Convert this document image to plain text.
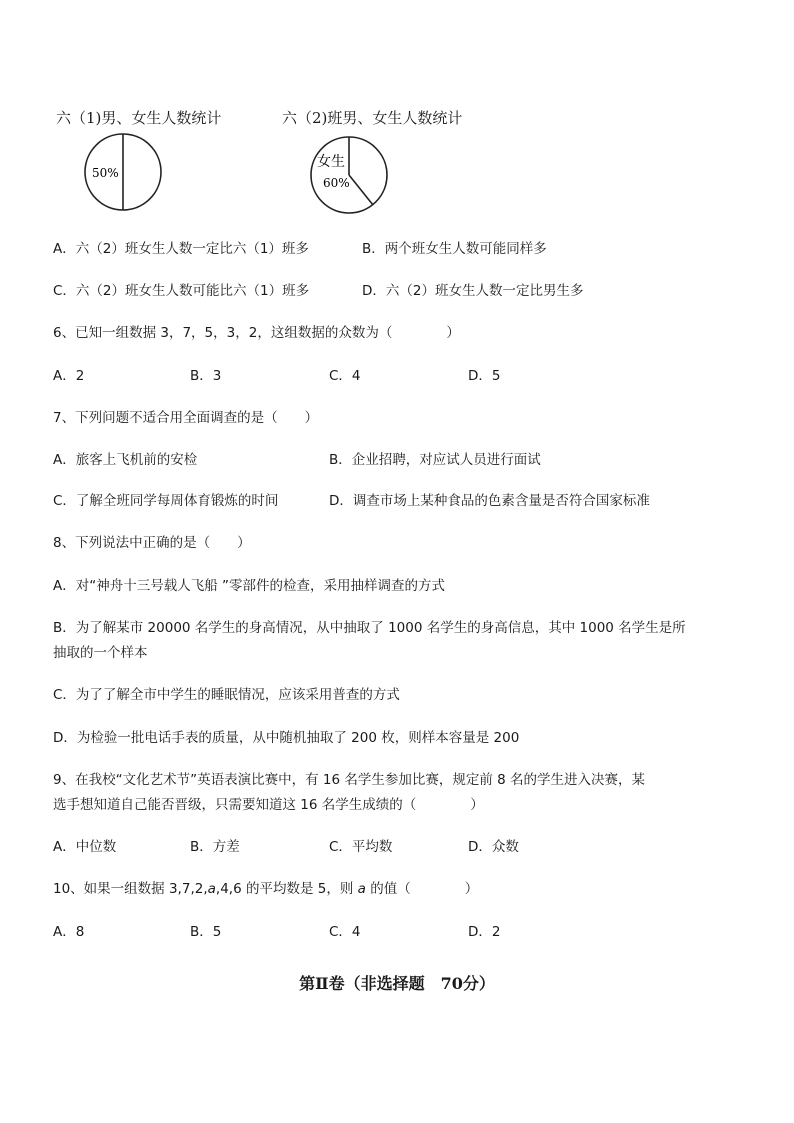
六（1)男、女生人数统计
50%
六（2)班男、女生人数统计
女生
60%
A．六（2）班女生人数一定比六（1）班多	B．两个班女生人数可能同样多
C．六（2）班女生人数可能比六（1）班多	D．六（2）班女生人数一定比男生多
6、已知一组数据 3，7，5，3，2，这组数据的众数为（　　　　）
A．2	B．3	C．4	D．5
7、下列问题不适合用全面调查的是（　　）
A．旅客上飞机前的安检	B．企业招聘，对应试人员进行面试
C．了解全班同学每周体育锻炼的时间	D．调查市场上某种食品的色素含量是否符合国家标准
8、下列说法中正确的是（　　）
A．对“神舟十三号载人飞船 ”零部件的检查，采用抽样调查的方式
B．为了解某市 20000 名学生的身高情况，从中抽取了 1000 名学生的身高信息，其中 1000 名学生是所
抽取的一个样本
C．为了了解全市中学生的睡眠情况，应该采用普查的方式
D．为检验一批电话手表的质量，从中随机抽取了 200 枚，则样本容量是 200
9、在我校“文化艺术节”英语表演比赛中，有 16 名学生参加比赛，规定前 8 名的学生进入决赛，某
选手想知道自己能否晋级，只需要知道这 16 名学生成绩的（　　　　）
A．中位数	B．方差	C．平均数	D．众数
10、如果一组数据 3,7,2,a,4,6 的平均数是 5，则 a 的值（　　　　）
A．8	B．5	C．4	D．2
第Ⅱ卷（非选择题　70分）
